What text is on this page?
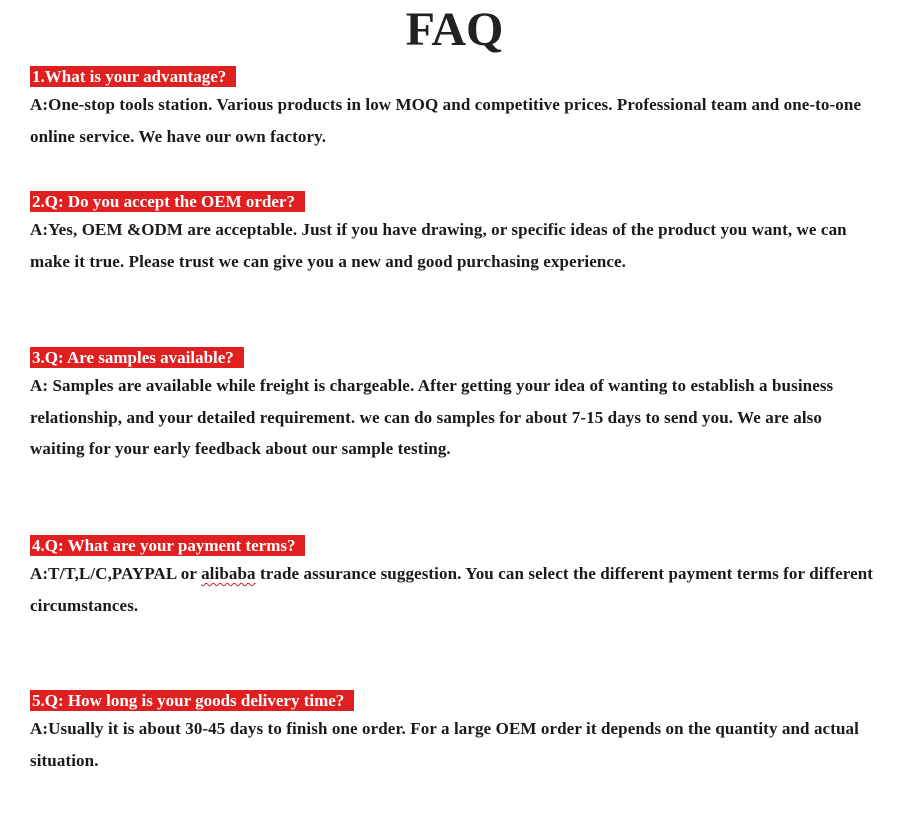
FAQ
1.What is your advantage?
A:One-stop tools station. Various products in low MOQ and competitive prices. Professional team and one-to-one online service. We have our own factory.
2.Q: Do you accept the OEM order?
A:Yes, OEM &ODM are acceptable. Just if you have drawing, or specific ideas of the product you want, we can make it true. Please trust we can give you a new and good purchasing experience.
3.Q: Are samples available?
A: Samples are available while freight is chargeable. After getting your idea of wanting to establish a business relationship, and your detailed requirement. we can do samples for about 7-15 days to send you. We are also waiting for your early feedback about our sample testing.
4.Q: What are your payment terms?
A:T/T,L/C,PAYPAL or alibaba trade assurance suggestion. You can select the different payment terms for different circumstances.
5.Q: How long is your goods delivery time?
A:Usually it is about 30-45 days to finish one order. For a large OEM order it depends on the quantity and actual situation.
